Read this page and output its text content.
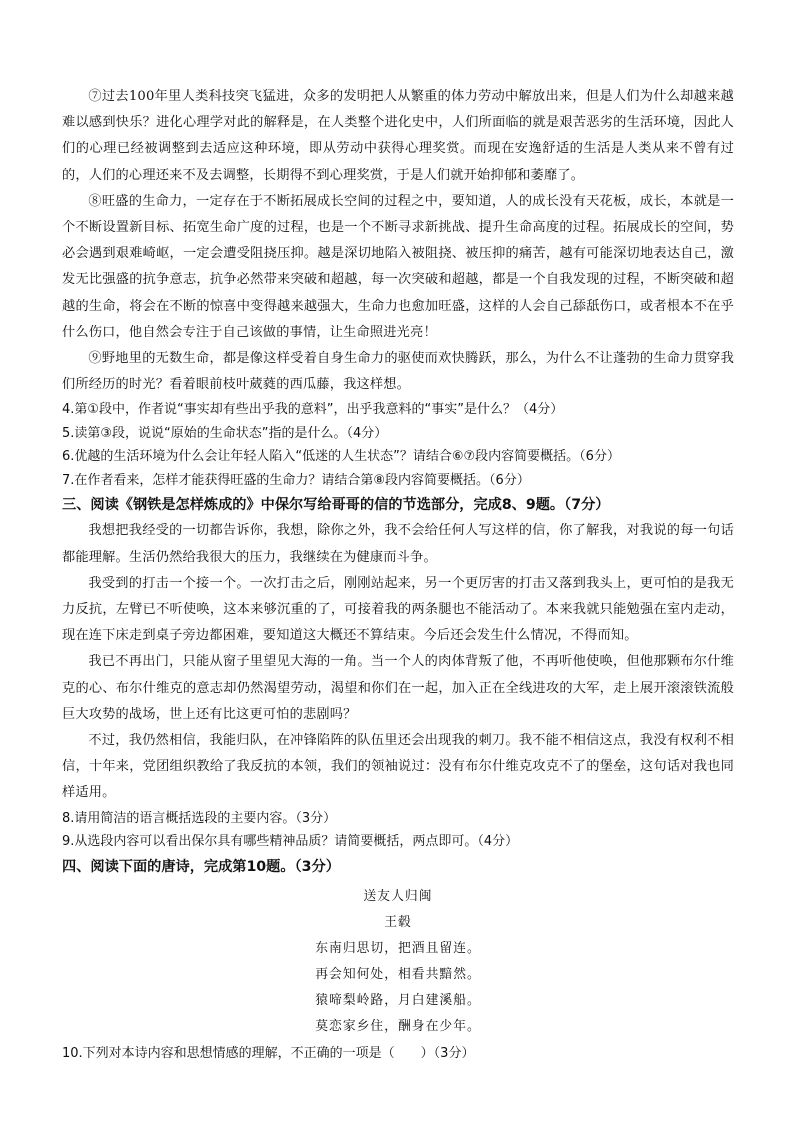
⑦过去100年里人类科技突飞猛进，众多的发明把人从繁重的体力劳动中解放出来，但是人们为什么却越来越难以感到快乐？进化心理学对此的解释是，在人类整个进化史中，人们所面临的就是艰苦恶劣的生活环境，因此人们的心理已经被调整到去适应这种环境，即从劳动中获得心理奖赏。而现在安逸舒适的生活是人类从来不曾有过的，人们的心理还来不及去调整，长期得不到心理奖赏，于是人们就开始抑郁和萎靡了。

⑧旺盛的生命力，一定存在于不断拓展成长空间的过程之中，要知道，人的成长没有天花板，成长，本就是一个不断设置新目标、拓宽生命广度的过程，也是一个不断寻求新挑战、提升生命高度的过程。拓展成长的空间，势必会遇到艰难崎岖，一定会遭受阻挠压抑。越是深切地陷入被阻挠、被压抑的痛苦，越有可能深切地表达自己，激发无比强盛的抗争意志，抗争必然带来突破和超越，每一次突破和超越，都是一个自我发现的过程，不断突破和超越的生命，将会在不断的惊喜中变得越来越强大，生命力也愈加旺盛，这样的人会自己舔舐伤口，或者根本不在乎什么伤口，他自然会专注于自己该做的事情，让生命照进光亮！

⑨野地里的无数生命，都是像这样受着自身生命力的驱使而欢快腾跃，那么，为什么不让蓬勃的生命力贯穿我们所经历的时光？看着眼前枝叶葳蕤的西瓜藤，我这样想。

4.第①段中，作者说“事实却有些出乎我的意料”，出乎我意料的“事实”是什么？（4分）

5.读第③段，说说“原始的生命状态”指的是什么。（4分）

6.优越的生活环境为什么会让年轻人陷入“低迷的人生状态”？请结合⑥⑦段内容简要概括。（6分）

7.在作者看来，怎样才能获得旺盛的生命力？请结合第⑧段内容简要概括。（6分）

三、阅读《钢铁是怎样炼成的》中保尔写给哥哥的信的节选部分，完成8、9题。（7分）

我想把我经受的一切都告诉你，我想，除你之外，我不会给任何人写这样的信，你了解我，对我说的每一句话都能理解。生活仍然给我很大的压力，我继续在为健康而斗争。

我受到的打击一个接一个。一次打击之后，刚刚站起来，另一个更厉害的打击又落到我头上，更可怕的是我无力反抗，左臂已不听使唤，这本来够沉重的了，可接着我的两条腿也不能活动了。本来我就只能勉强在室内走动，现在连下床走到桌子旁边都困难，要知道这大概还不算结束。今后还会发生什么情况，不得而知。

我已不再出门，只能从窗子里望见大海的一角。当一个人的肉体背叛了他，不再听他使唤，但他那颗布尔什维克的心、布尔什维克的意志却仍然渴望劳动，渴望和你们在一起，加入正在全线进攻的大军，走上展开滚滚铁流般巨大攻势的战场，世上还有比这更可怕的悲剧吗？

不过，我仍然相信，我能归队，在冲锋陷阵的队伍里还会出现我的刺刀。我不能不相信这点，我没有权利不相信，十年来，党团组织教给了我反抗的本领，我们的领袖说过：没有布尔什维克攻克不了的堡垒，这句话对我也同样适用。

8.请用简洁的语言概括选段的主要内容。（3分）

9.从选段内容可以看出保尔具有哪些精神品质？请简要概括，两点即可。（4分）

四、阅读下面的唐诗，完成第10题。（3分）

送友人归闽

王毂

东南归思切，把酒且留连。

再会知何处，相看共黯然。

猿啼梨岭路，月白建溪船。

莫恋家乡住，酬身在少年。

10.下列对本诗内容和思想情感的理解，不正确的一项是（　　）（3分）
